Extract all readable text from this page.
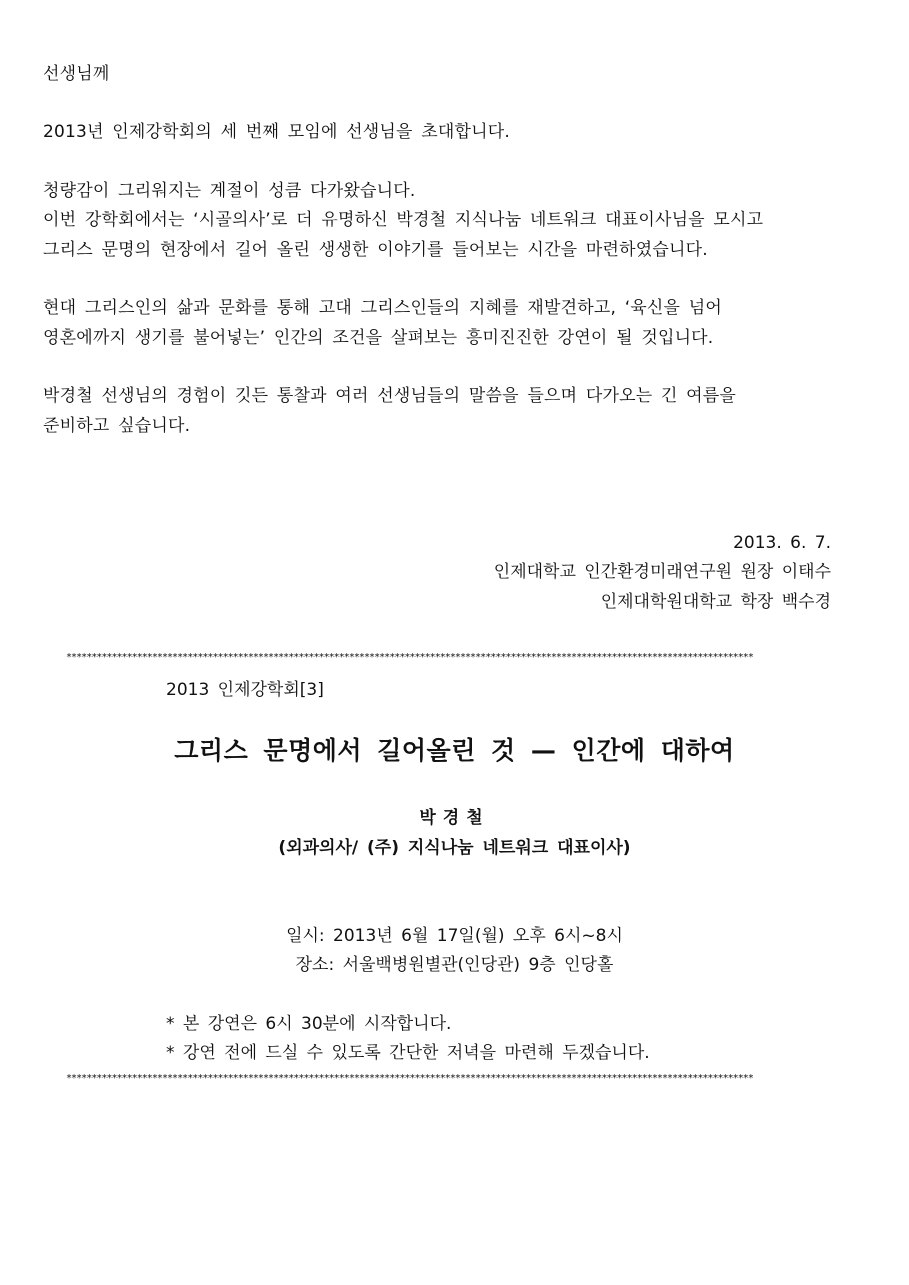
선생님께
2013년 인제강학회의 세 번째 모임에 선생님을 초대합니다.
청량감이 그리워지는 계절이 성큼 다가왔습니다.
이번 강학회에서는 ‘시골의사’로 더 유명하신 박경철 지식나눔 네트워크 대표이사님을 모시고
그리스 문명의 현장에서 길어 올린 생생한 이야기를 들어보는 시간을 마련하였습니다.
현대 그리스인의 삶과 문화를 통해 고대 그리스인들의 지혜를 재발견하고, ‘육신을 넘어
영혼에까지 생기를 불어넣는’ 인간의 조건을 살펴보는 흥미진진한 강연이 될 것입니다.
박경철 선생님의 경험이 깃든 통찰과 여러 선생님들의 말씀을 들으며 다가오는 긴 여름을
준비하고 싶습니다.
2013. 6. 7.
인제대학교 인간환경미래연구원 원장 이태수
인제대학원대학교 학장 백수경
****************************************************************************************************************************************
2013 인제강학회[3]
그리스 문명에서 길어올린 것 — 인간에 대하여
박경철
(외과의사/ (주) 지식나눔 네트워크 대표이사)
일시: 2013년 6월 17일(월) 오후 6시~8시
장소: 서울백병원별관(인당관) 9층 인당홀
* 본 강연은 6시 30분에 시작합니다.
* 강연 전에 드실 수 있도록 간단한 저녁을 마련해 두겠습니다.
****************************************************************************************************************************************
